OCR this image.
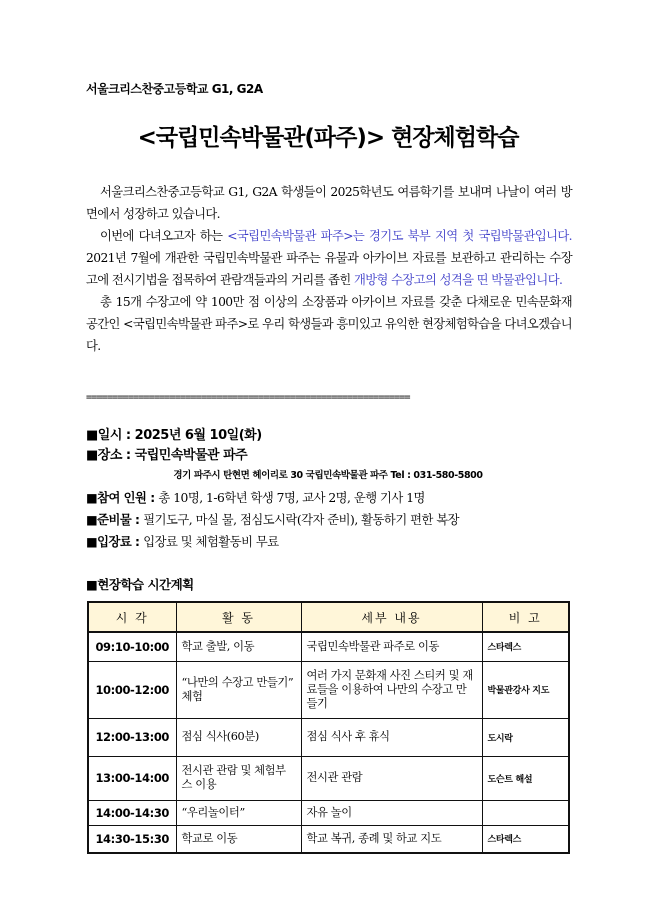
서울크리스찬중고등학교 G1, G2A
<국립민속박물관(파주)> 현장체험학습

서울크리스찬중고등학교 G1, G2A 학생들이 2025학년도 여름학기를 보내며 나날이 여러 방면에서 성장하고 있습니다.

이번에 다녀오고자 하는 <국립민속박물관 파주>는 경기도 북부 지역 첫 국립박물관입니다. 2021년 7월에 개관한 국립민속박물관 파주는 유물과 아카이브 자료를 보관하고 관리하는 수장고에 전시기법을 접목하여 관람객들과의 거리를 좁힌 개방형 수장고의 성격을 띤 박물관입니다.

총 15개 수장고에 약 100만 점 이상의 소장품과 아카이브 자료를 갖춘 다채로운 민속문화재 공간인 <국립민속박물관 파주>로 우리 학생들과 흥미있고 유익한 현장체험학습을 다녀오겠습니다.

==============================================================
■일시 : 2025년 6월 10일(화)
■장소 : 국립민속박물관 파주
경기 파주시 탄현면 헤이리로 30 국립민속박물관 파주 Tel : 031-580-5800
■참여 인원 : 총 10명, 1-6학년 학생 7명, 교사 2명, 운행 기사 1명
■준비물 : 필기도구, 마실 물, 점심도시락(각자 준비), 활동하기 편한 복장
■입장료 : 입장료 및 체험활동비 무료
■현장학습 시간계획
시 각	활 동	세부 내용	비 고
09:10-10:00	학교 출발, 이동	국립민속박물관 파주로 이동	스타렉스
10:00-12:00	“나만의 수장고 만들기” 체험	여러 가지 문화재 사진 스티커 및 재료들을 이용하여 나만의 수장고 만들기	박물관강사 지도
12:00-13:00	점심 식사(60분)	점심 식사 후 휴식	도시락
13:00-14:00	전시관 관람 및 체험부스 이용	전시관 관람	도슨트 해설
14:00-14:30	“우리놀이터”	자유 놀이	
14:30-15:30	학교로 이동	학교 복귀, 종례 및 하교 지도	스타렉스
